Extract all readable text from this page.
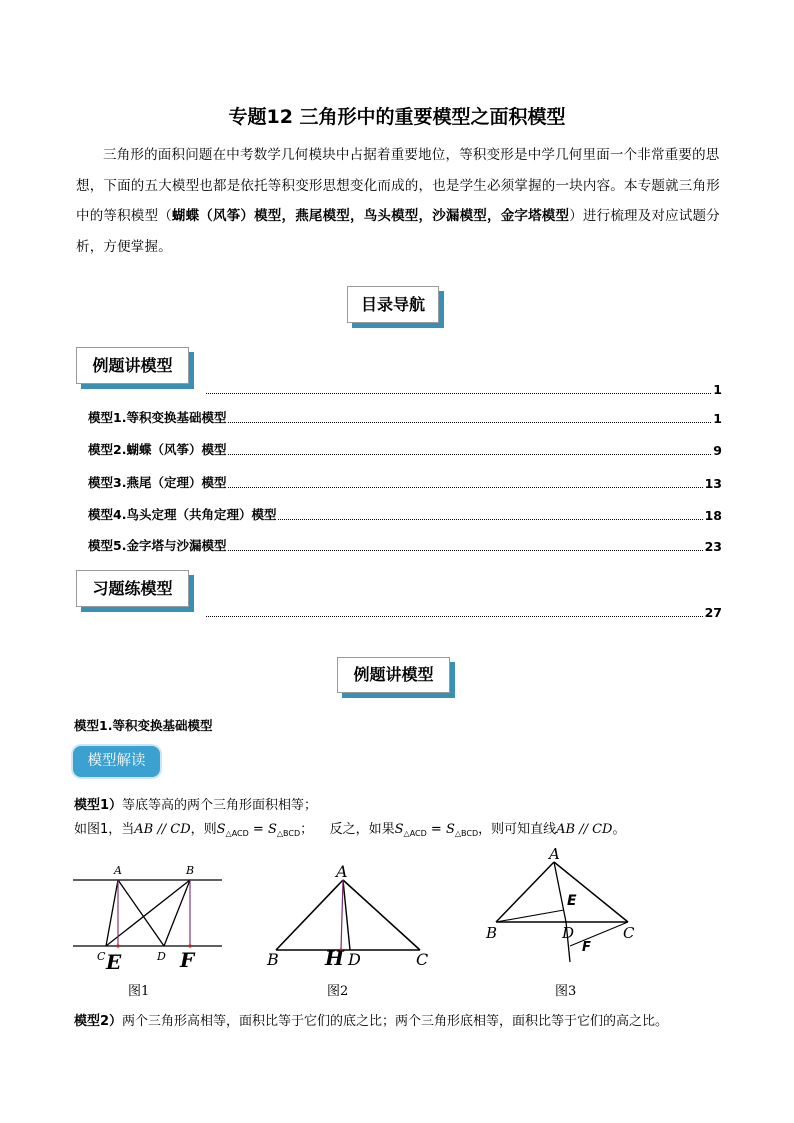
专题12 三角形中的重要模型之面积模型
三角形的面积问题在中考数学几何模块中占据着重要地位，等积变形是中学几何里面一个非常重要的思想，下面的五大模型也都是依托等积变形思想变化而成的，也是学生必须掌握的一块内容。本专题就三角形中的等积模型（蝴蝶（风筝）模型，燕尾模型，鸟头模型，沙漏模型，金字塔模型）进行梳理及对应试题分析，方便掌握。
目录导航
例题讲模型
1
模型1.等积变换基础模型	1
模型2.蝴蝶（风筝）模型	9
模型3.燕尾（定理）模型	13
模型4.鸟头定理（共角定理）模型	18
模型5.金字塔与沙漏模型	23
习题练模型
27
例题讲模型
模型1.等积变换基础模型
模型解读
模型1）等底等高的两个三角形面积相等；
如图1，当AB // CD，则$S_{\triangle ACD} = S_{\triangle BCD}$；    反之，如果$S_{\triangle ACD} = S_{\triangle BCD}$，则可知直线AB // CD。
A	B
C	D
E	F
图1
A
B H D	C
图2
A
B
E
D	C
F
图3
模型2）两个三角形高相等，面积比等于它们的底之比；两个三角形底相等，面积比等于它们的高之比。
